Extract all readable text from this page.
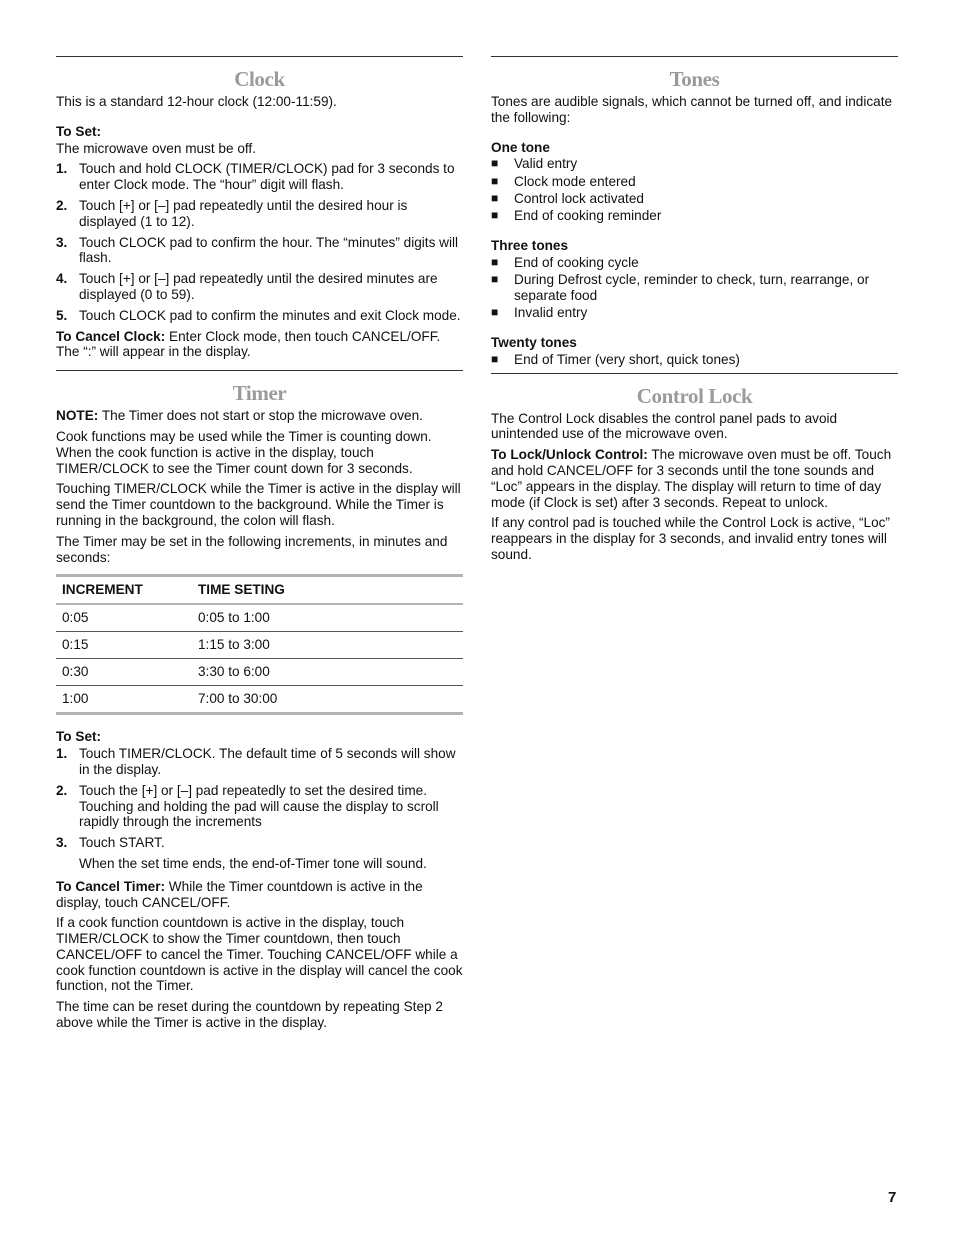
Clock

This is a standard 12-hour clock (12:00-11:59).

To Set:

The microwave oven must be off.

1. Touch and hold CLOCK (TIMER/CLOCK) pad for 3 seconds to enter Clock mode. The “hour” digit will flash.
2. Touch [+] or [–] pad repeatedly until the desired hour is displayed (1 to 12).
3. Touch CLOCK pad to confirm the hour. The “minutes” digits will flash.
4. Touch [+] or [–] pad repeatedly until the desired minutes are displayed (0 to 59).
5. Touch CLOCK pad to confirm the minutes and exit Clock mode.

To Cancel Clock: Enter Clock mode, then touch CANCEL/OFF. The “:” will appear in the display.

Timer

NOTE: The Timer does not start or stop the microwave oven.

Cook functions may be used while the Timer is counting down. When the cook function is active in the display, touch TIMER/CLOCK to see the Timer count down for 3 seconds.

Touching TIMER/CLOCK while the Timer is active in the display will send the Timer countdown to the background. While the Timer is running in the background, the colon will flash.

The Timer may be set in the following increments, in minutes and seconds:

INCREMENT	TIME SETING
0:05	0:05 to 1:00
0:15	1:15 to 3:00
0:30	3:30 to 6:00
1:00	7:00 to 30:00
To Set:
1. Touch TIMER/CLOCK. The default time of 5 seconds will show in the display.
2. Touch the [+] or [–] pad repeatedly to set the desired time. Touching and holding the pad will cause the display to scroll rapidly through the increments
3. Touch START.

When the set time ends, the end-of-Timer tone will sound.

To Cancel Timer: While the Timer countdown is active in the display, touch CANCEL/OFF.

If a cook function countdown is active in the display, touch TIMER/CLOCK to show the Timer countdown, then touch CANCEL/OFF to cancel the Timer. Touching CANCEL/OFF while a cook function countdown is active in the display will cancel the cook function, not the Timer.

The time can be reset during the countdown by repeating Step 2 above while the Timer is active in the display.

Tones

Tones are audible signals, which cannot be turned off, and indicate the following:

One tone
■ Valid entry
■ Clock mode entered
■ Control lock activated
■ End of cooking reminder
Three tones
■ End of cooking cycle
■ During Defrost cycle, reminder to check, turn, rearrange, or separate food
■ Invalid entry
Twenty tones
■ End of Timer (very short, quick tones)
Control Lock

The Control Lock disables the control panel pads to avoid unintended use of the microwave oven.

To Lock/Unlock Control: The microwave oven must be off. Touch and hold CANCEL/OFF for 3 seconds until the tone sounds and “Loc” appears in the display. The display will return to time of day mode (if Clock is set) after 3 seconds. Repeat to unlock.

If any control pad is touched while the Control Lock is active, “Loc” reappears in the display for 3 seconds, and invalid entry tones will sound.

7
